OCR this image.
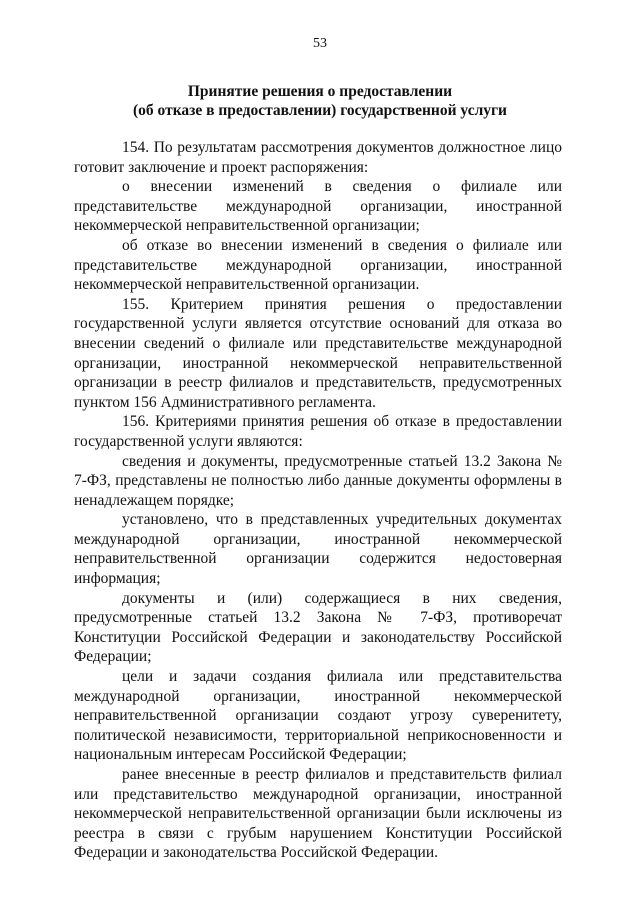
53
Принятие решения о предоставлении
(об отказе в предоставлении) государственной услуги

154. По результатам рассмотрения документов должностное лицо готовит заключение и проект распоряжения:

о внесении изменений в сведения о филиале или представительстве международной организации, иностранной некоммерческой неправительственной организации;

об отказе во внесении изменений в сведения о филиале или представительстве международной организации, иностранной некоммерческой неправительственной организации.

155. Критерием принятия решения о предоставлении государственной услуги является отсутствие оснований для отказа во внесении сведений о филиале или представительстве международной организации, иностранной некоммерческой неправительственной организации в реестр филиалов и представительств, предусмотренных пунктом 156 Административного регламента.

156. Критериями принятия решения об отказе в предоставлении государственной услуги являются:

сведения и документы, предусмотренные статьей 13.2 Закона № 7-ФЗ, представлены не полностью либо данные документы оформлены в ненадлежащем порядке;

установлено, что в представленных учредительных документах международной организации, иностранной некоммерческой неправительственной организации содержится недостоверная информация;

документы и (или) содержащиеся в них сведения, предусмотренные статьей 13.2 Закона № 7-ФЗ, противоречат Конституции Российской Федерации и законодательству Российской Федерации;

цели и задачи создания филиала или представительства международной организации, иностранной некоммерческой неправительственной организации создают угрозу суверенитету, политической независимости, территориальной неприкосновенности и национальным интересам Российской Федерации;

ранее внесенные в реестр филиалов и представительств филиал или представительство международной организации, иностранной некоммерческой неправительственной организации были исключены из реестра в связи с грубым нарушением Конституции Российской Федерации и законодательства Российской Федерации.
